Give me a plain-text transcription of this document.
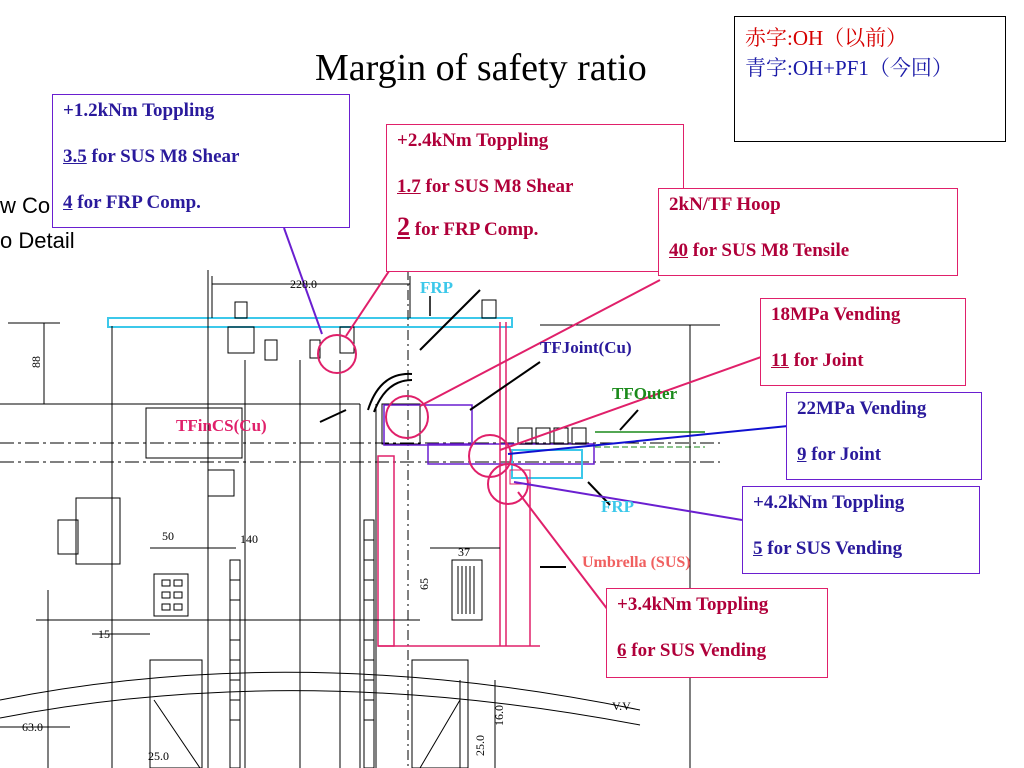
228.0
88
50	140
37
65
15
63.0
25.0	25.0
16.0	V.V
Margin of safety ratio
w Co
o Detail
赤字:OH（以前）
青字:OH+PF1（今回）
+1.2kNm Toppling
3.5 for SUS M8 Shear
4 for FRP Comp.
+2.4kNm Toppling
1.7 for SUS M8 Shear
2 for FRP Comp.
2kN/TF Hoop
40 for SUS M8 Tensile
18MPa Vending
11 for Joint
22MPa Vending
9 for Joint
+4.2kNm Toppling
5 for SUS Vending
+3.4kNm Toppling
6 for SUS Vending
FRP
TFJoint(Cu)
TFOuter
TFinCS(Cu)
FRP
Umbrella (SUS)
